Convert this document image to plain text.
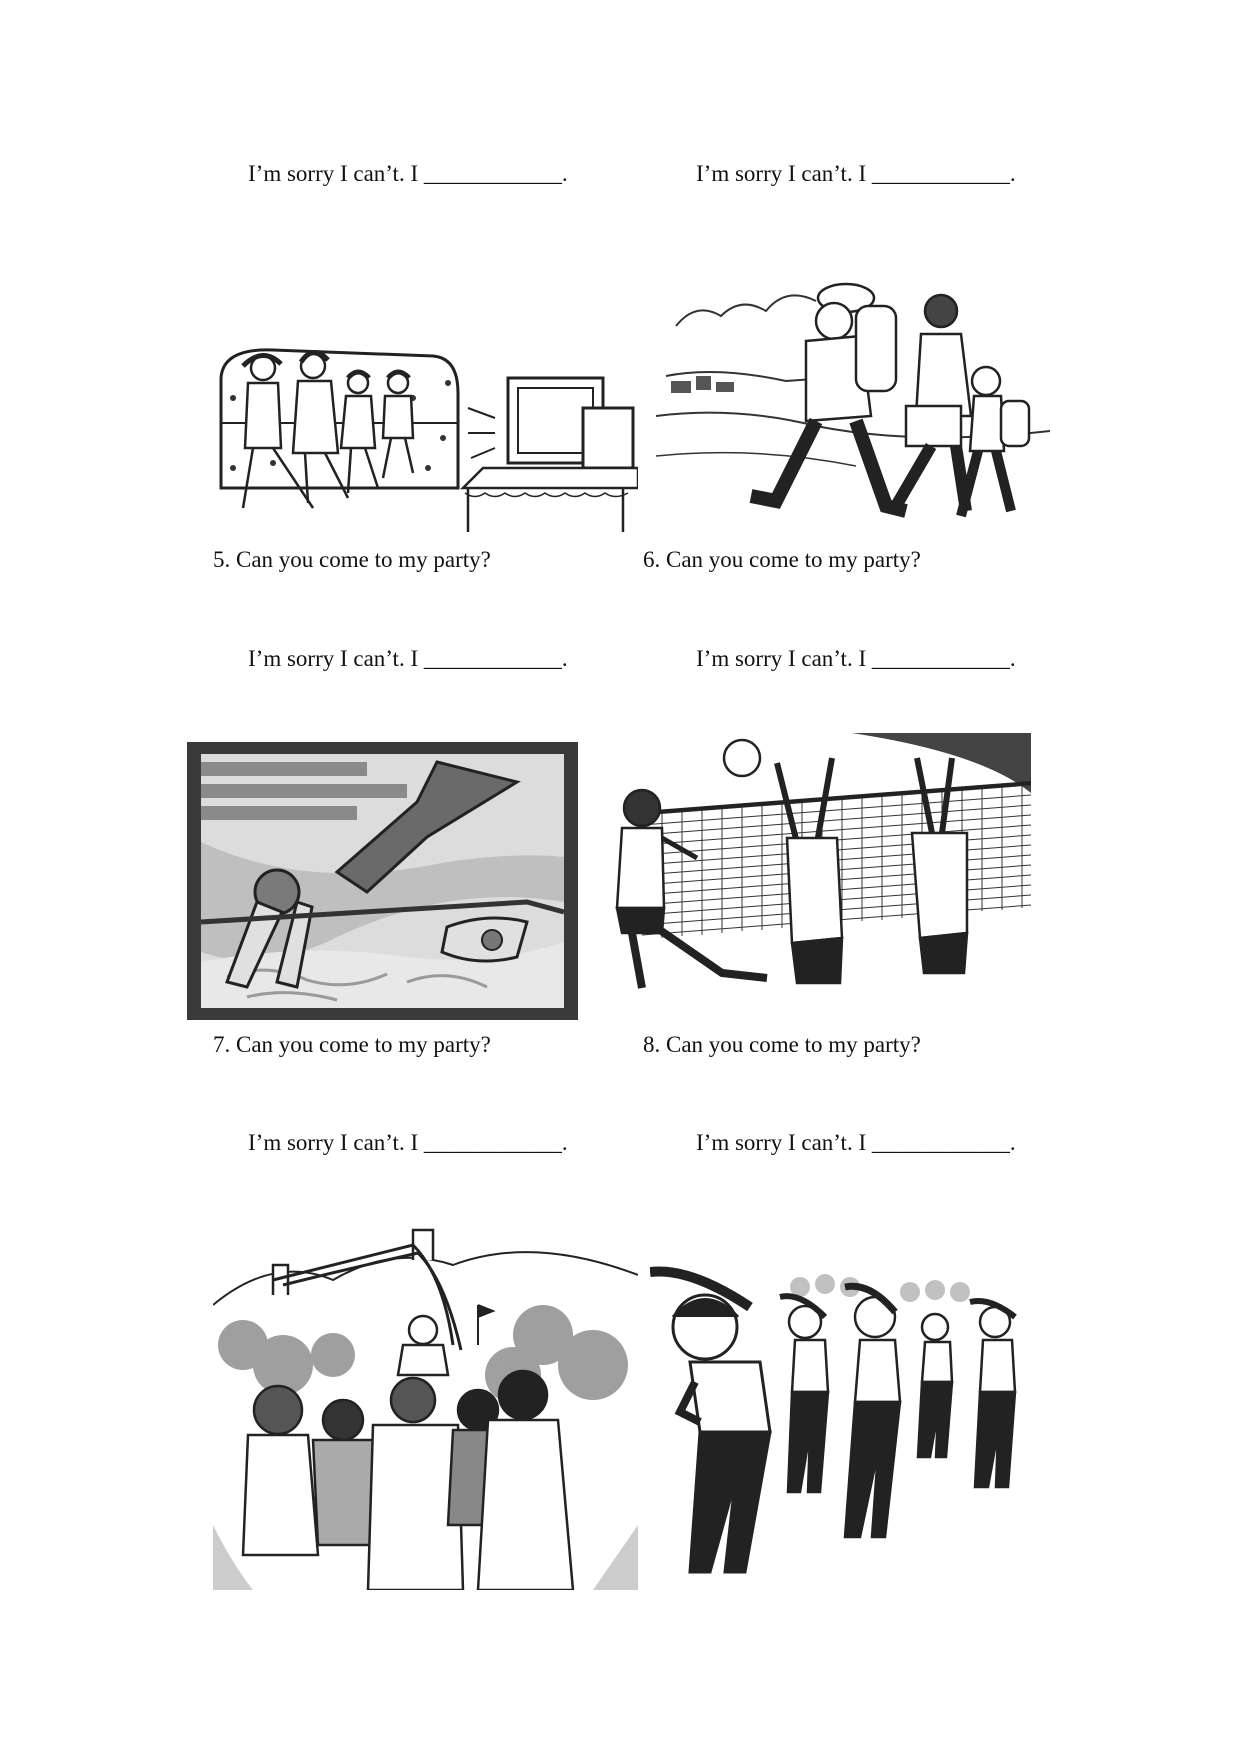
I’m sorry I can’t. I ____________.	I’m sorry I can’t. I ____________.
5. Can you come to my party?	6. Can you come to my party?
I’m sorry I can’t. I ____________.	I’m sorry I can’t. I ____________.
7. Can you come to my party?	8. Can you come to my party?
I’m sorry I can’t. I ____________.	I’m sorry I can’t. I ____________.
